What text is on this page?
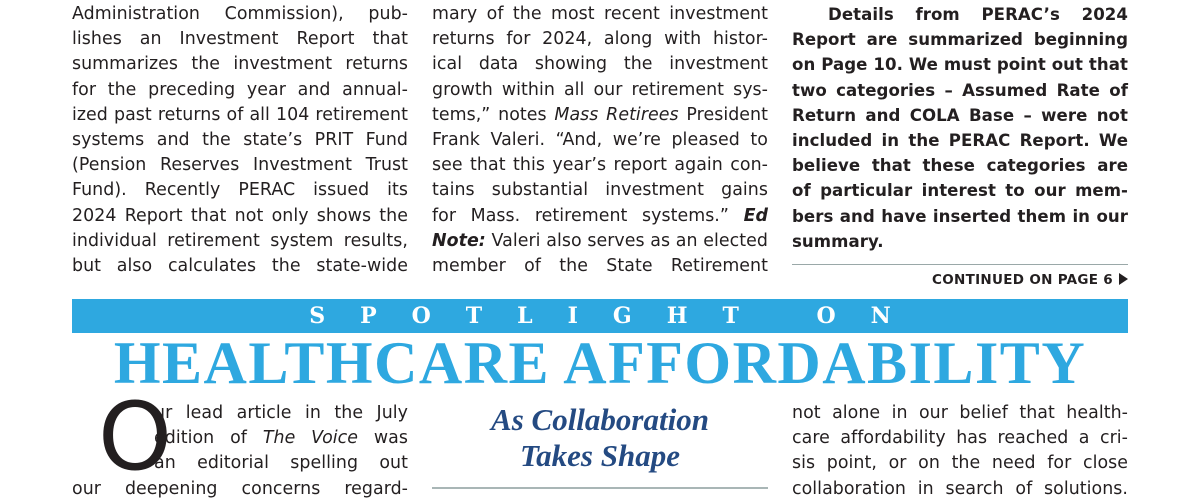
Administration Commission), pub-
lishes an Investment Report that
summarizes the investment returns
for the preceding year and annual-
ized past returns of all 104 retirement
systems and the state’s PRIT Fund
(Pension Reserves Investment Trust
Fund). Recently PERAC issued its
2024 Report that not only shows the
individual retirement system results,
but also calculates the state-wide
mary of the most recent investment
returns for 2024, along with histor-
ical data showing the investment
growth within all our retirement sys-
tems,” notes Mass Retirees President
Frank Valeri. “And, we’re pleased to
see that this year’s report again con-
tains substantial investment gains
for Mass. retirement systems.” Ed
Note: Valeri also serves as an elected
member of the State Retirement
Details from PERAC’s 2024
Report are summarized beginning
on Page 10. We must point out that
two categories – Assumed Rate of
Return and COLA Base – were not
included in the PERAC Report. We
believe that these categories are
of particular interest to our mem-
bers and have inserted them in our
summary.
CONTINUED ON PAGE 6
SPOTLIGHT ON
HEALTHCARE AFFORDABILITY
O
ur lead article in the July
edition of The Voice was
an editorial spelling out
our deepening concerns regard-
As Collaboration
Takes Shape
not alone in our belief that health-
care affordability has reached a cri-
sis point, or on the need for close
collaboration in search of solutions.
